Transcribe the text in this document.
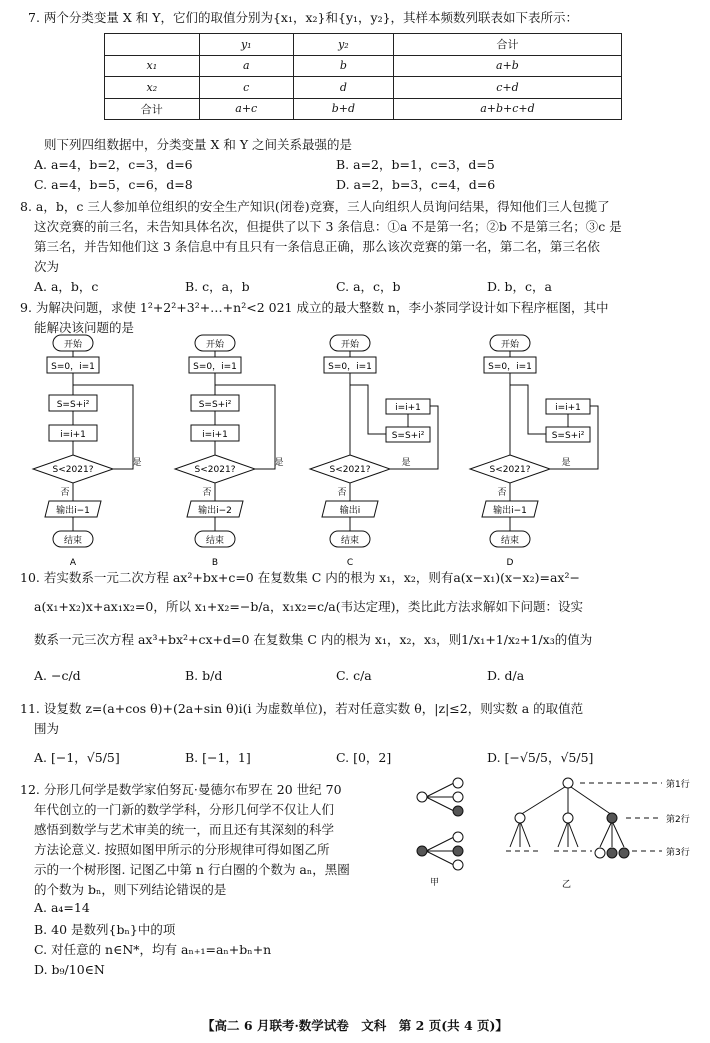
7. 两个分类变量 X 和 Y，它们的取值分别为{x₁，x₂}和{y₁，y₂}，其样本频数列联表如下表所示：
	y₁	y₂	合计
x₁	a	b	a+b
x₂	c	d	c+d
合计	a+c	b+d	a+b+c+d
则下列四组数据中，分类变量 X 和 Y 之间关系最强的是
A. a=4，b=2，c=3，d=6	B. a=2，b=1，c=3，d=5
C. a=4，b=5，c=6，d=8	D. a=2，b=3，c=4，d=6
8. a，b，c 三人参加单位组织的安全生产知识(闭卷)竞赛，三人向组织人员询问结果，得知他们三人包揽了
这次竞赛的前三名，未告知具体名次，但提供了以下 3 条信息：①a 不是第一名；②b 不是第三名；③c 是
第三名，并告知他们这 3 条信息中有且只有一条信息正确，那么该次竞赛的第一名，第二名，第三名依
次为
A. a，b，c	B. c，a，b	C. a，c，b	D. b，c，a
9. 为解决问题，求使 1²+2²+3²+…+n²<2 021 成立的最大整数 n，李小茶同学设计如下程序框图，其中
能解决该问题的是
开始
S=0，i=1
S=S+i²
i=i+1
是
S<2021?
否
输出i−1
结束
A
开始
S=0，i=1
S=S+i²
i=i+1
是
S<2021?
否
输出i−2
结束
B
开始
S=0，i=1
i=i+1
S=S+i²
是
S<2021?
否
输出i
结束
C
开始
S=0，i=1
i=i+1
S=S+i²
是
S<2021?
否
输出i−1
结束
D
10. 若实数系一元二次方程 ax²+bx+c=0 在复数集 C 内的根为 x₁，x₂，则有a(x−x₁)(x−x₂)=ax²−
a(x₁+x₂)x+ax₁x₂=0，所以 x₁+x₂=−b/a，x₁x₂=c/a(韦达定理)，类比此方法求解如下问题：设实
数系一元三次方程 ax³+bx²+cx+d=0 在复数集 C 内的根为 x₁，x₂，x₃，则1/x₁+1/x₂+1/x₃的值为
A. −c/d	B. b/d	C. c/a	D. d/a
11. 设复数 z=(a+cos θ)+(2a+sin θ)i(i 为虚数单位)，若对任意实数 θ，|z|≤2，则实数 a 的取值范
围为
A. [−1，√5/5]	B. [−1，1]	C. [0，2]	D. [−√5/5，√5/5]
12. 分形几何学是数学家伯努瓦·曼德尔布罗在 20 世纪 70
年代创立的一门新的数学学科，分形几何学不仅让人们
感悟到数学与艺术审美的统一，而且还有其深刻的科学
方法论意义. 按照如图甲所示的分形规律可得如图乙所
示的一个树形图. 记图乙中第 n 行白圈的个数为 aₙ，黑圈
的个数为 bₙ，则下列结论错误的是
A. a₄=14
B. 40 是数列{bₙ}中的项
C. 对任意的 n∈N*，均有 aₙ₊₁=aₙ+bₙ+n
D. b₉/10∈N
甲
第1行
第2行
第3行
乙
【高二 6 月联考·数学试卷　文科　第 2 页(共 4 页)】
